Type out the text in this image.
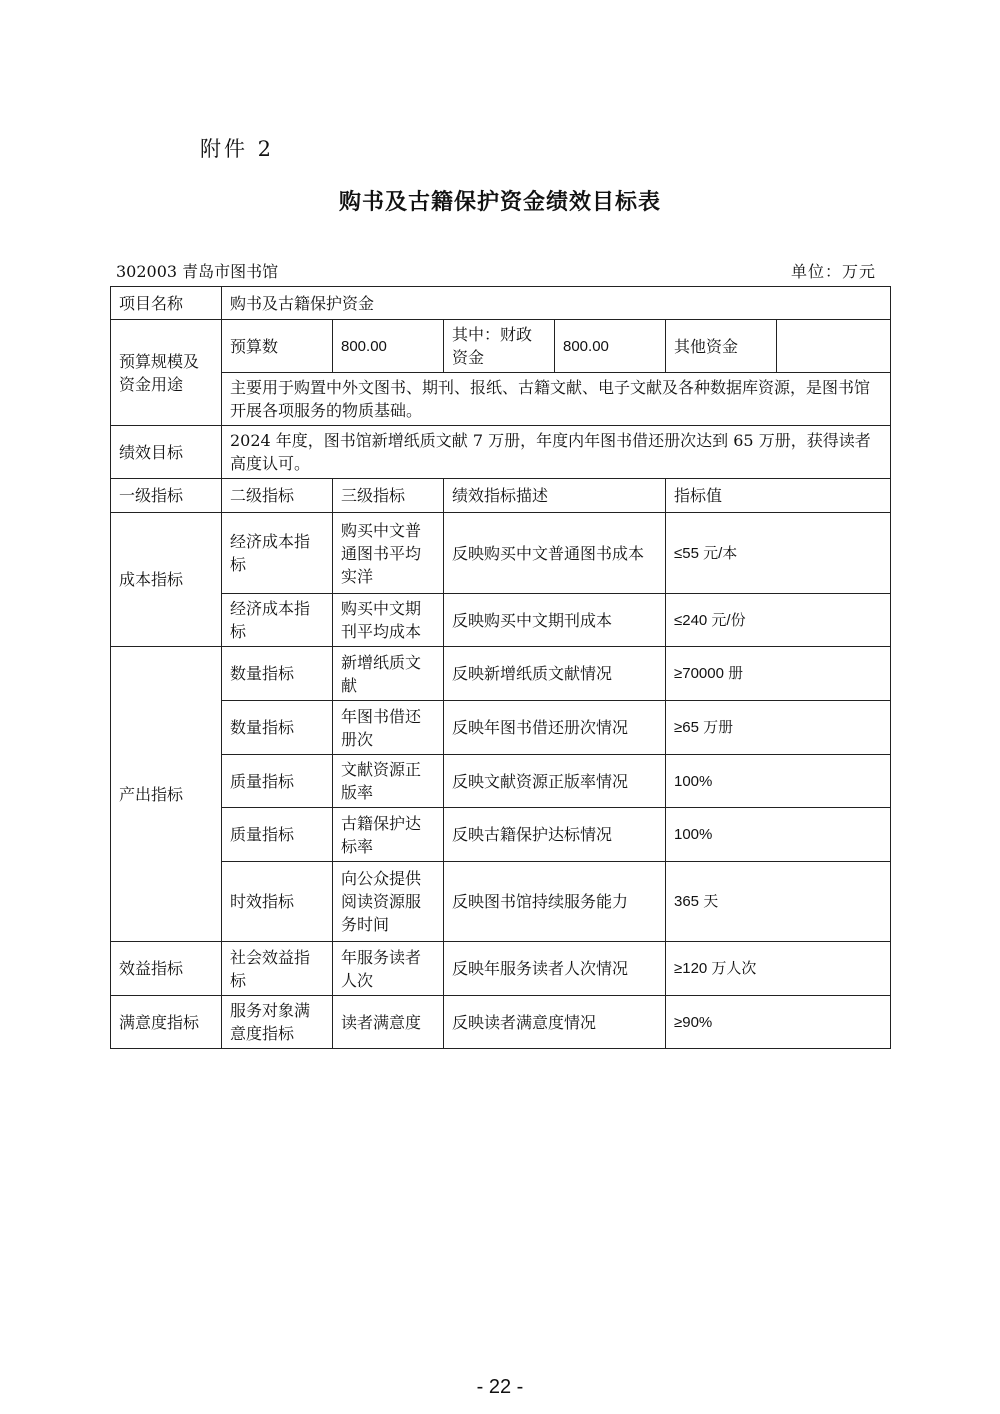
附件 2
购书及古籍保护资金绩效目标表
302003 青岛市图书馆	单位：万元
项目名称	购书及古籍保护资金					
预算规模及资金用途	预算数	800.00	其中：财政资金	800.00	其他资金	
	主要用于购置中外文图书、期刊、报纸、古籍文献、电子文献及各种数据库资源，是图书馆开展各项服务的物质基础。					
绩效目标	2024 年度，图书馆新增纸质文献 7 万册，年度内年图书借还册次达到 65 万册，获得读者高度认可。					
一级指标	二级指标	三级指标	绩效指标描述		指标值	
成本指标	经济成本指标	购买中文普通图书平均实洋	反映购买中文普通图书成本		≤55 元/本	
	经济成本指标	购买中文期刊平均成本	反映购买中文期刊成本		≤240 元/份	
产出指标	数量指标	新增纸质文献	反映新增纸质文献情况		≥70000 册	
	数量指标	年图书借还册次	反映年图书借还册次情况		≥65 万册	
	质量指标	文献资源正版率	反映文献资源正版率情况		100%	
	质量指标	古籍保护达标率	反映古籍保护达标情况		100%	
	时效指标	向公众提供阅读资源服务时间	反映图书馆持续服务能力		365 天	
效益指标	社会效益指标	年服务读者人次	反映年服务读者人次情况		≥120 万人次	
满意度指标	服务对象满意度指标	读者满意度	反映读者满意度情况		≥90%	
- 22 -
